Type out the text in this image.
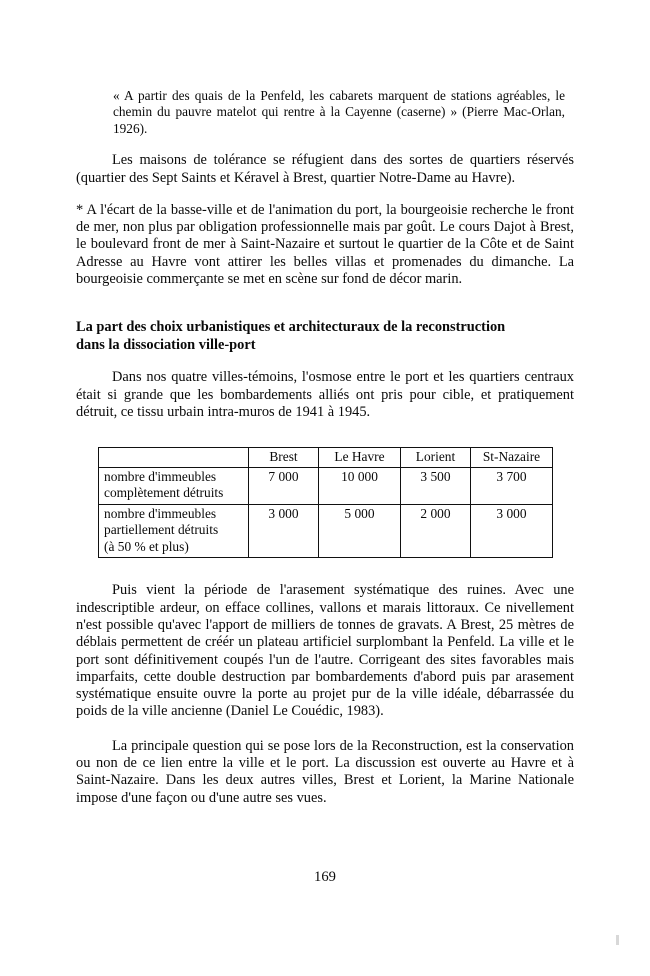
« A partir des quais de la Penfeld, les cabarets marquent de stations agréables, le chemin du pauvre matelot qui rentre à la Cayenne (caserne) » (Pierre Mac-Orlan, 1926).

Les maisons de tolérance se réfugient dans des sortes de quartiers réservés (quartier des Sept Saints et Kéravel à Brest, quartier Notre-Dame au Havre).

* A l'écart de la basse-ville et de l'animation du port, la bourgeoisie recherche le front de mer, non plus par obligation professionnelle mais par goût. Le cours Dajot à Brest, le boulevard front de mer à Saint-Nazaire et surtout le quartier de la Côte et de Saint Adresse au Havre vont attirer les belles villas et promenades du dimanche. La bourgeoisie commerçante se met en scène sur fond de décor marin.

La part des choix urbanistiques et architecturaux de la reconstruction
dans la dissociation ville-port

Dans nos quatre villes-témoins, l'osmose entre le port et les quartiers centraux était si grande que les bombardements alliés ont pris pour cible, et pratiquement détruit, ce tissu urbain intra-muros de 1941 à 1945.

	Brest	Le Havre	Lorient	St-Nazaire

nombre d'immeubles
complètement détruits	7 000	10 000	3 500	3 700

nombre d'immeubles
partiellement détruits
(à 50 % et plus)	3 000	5 000	2 000	3 000

Puis vient la période de l'arasement systématique des ruines. Avec une indescriptible ardeur, on efface collines, vallons et marais littoraux. Ce nivellement n'est possible qu'avec l'apport de milliers de tonnes de gravats. A Brest, 25 mètres de déblais permettent de créér un plateau artificiel surplombant la Penfeld. La ville et le port sont définitivement coupés l'un de l'autre. Corrigeant des sites favorables mais imparfaits, cette double destruction par bombardements d'abord puis par arasement systématique ensuite ouvre la porte au projet pur de la ville idéale, débarrassée du poids de la ville ancienne (Daniel Le Couédic, 1983).

La principale question qui se pose lors de la Reconstruction, est la conservation ou non de ce lien entre la ville et le port. La discussion est ouverte au Havre et à Saint-Nazaire. Dans les deux autres villes, Brest et Lorient, la Marine Nationale impose d'une façon ou d'une autre ses vues.

169
